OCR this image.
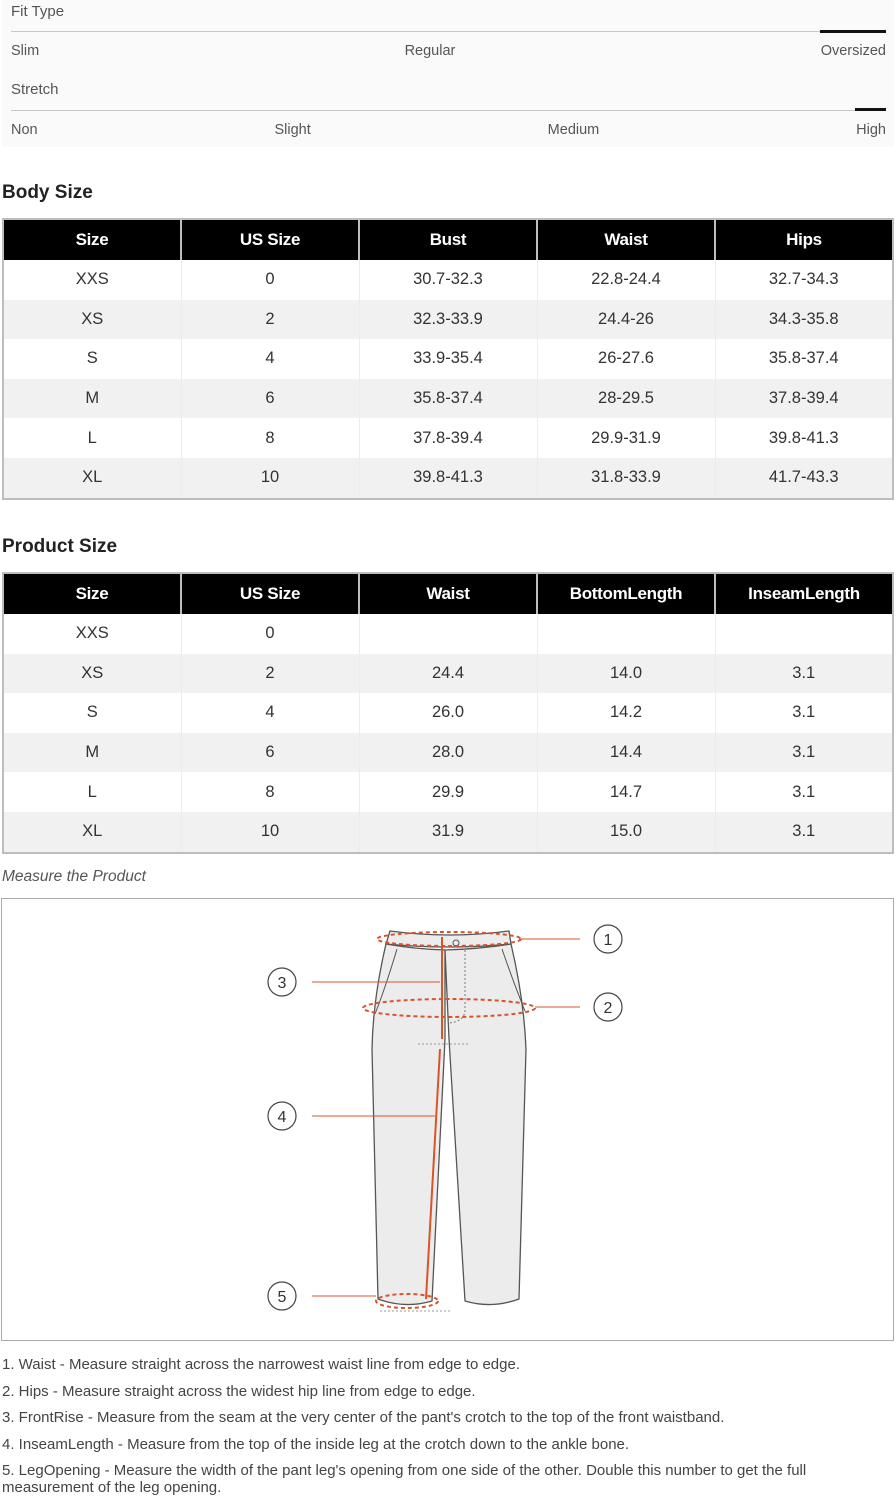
Fit Type
Slim	Regular	Oversized
Stretch
Non	Slight	Medium	High
Body Size
Size	US Size	Bust	Waist	Hips
XXS	0	30.7-32.3	22.8-24.4	32.7-34.3
XS	2	32.3-33.9	24.4-26	34.3-35.8
S	4	33.9-35.4	26-27.6	35.8-37.4
M	6	35.8-37.4	28-29.5	37.8-39.4
L	8	37.8-39.4	29.9-31.9	39.8-41.3
XL	10	39.8-41.3	31.8-33.9	41.7-43.3
Product Size
Size	US Size	Waist	BottomLength	InseamLength
XXS	0			
XS	2	24.4	14.0	3.1
S	4	26.0	14.2	3.1
M	6	28.0	14.4	3.1
L	8	29.9	14.7	3.1
XL	10	31.9	15.0	3.1
Measure the Product
1
2
3
4
5

1. Waist - Measure straight across the narrowest waist line from edge to edge.

2. Hips - Measure straight across the widest hip line from edge to edge.

3. FrontRise - Measure from the seam at the very center of the pant's crotch to the top of the front waistband.

4. InseamLength - Measure from the top of the inside leg at the crotch down to the ankle bone.

5. LegOpening - Measure the width of the pant leg's opening from one side of the other. Double this number to get the full measurement of the leg opening.
